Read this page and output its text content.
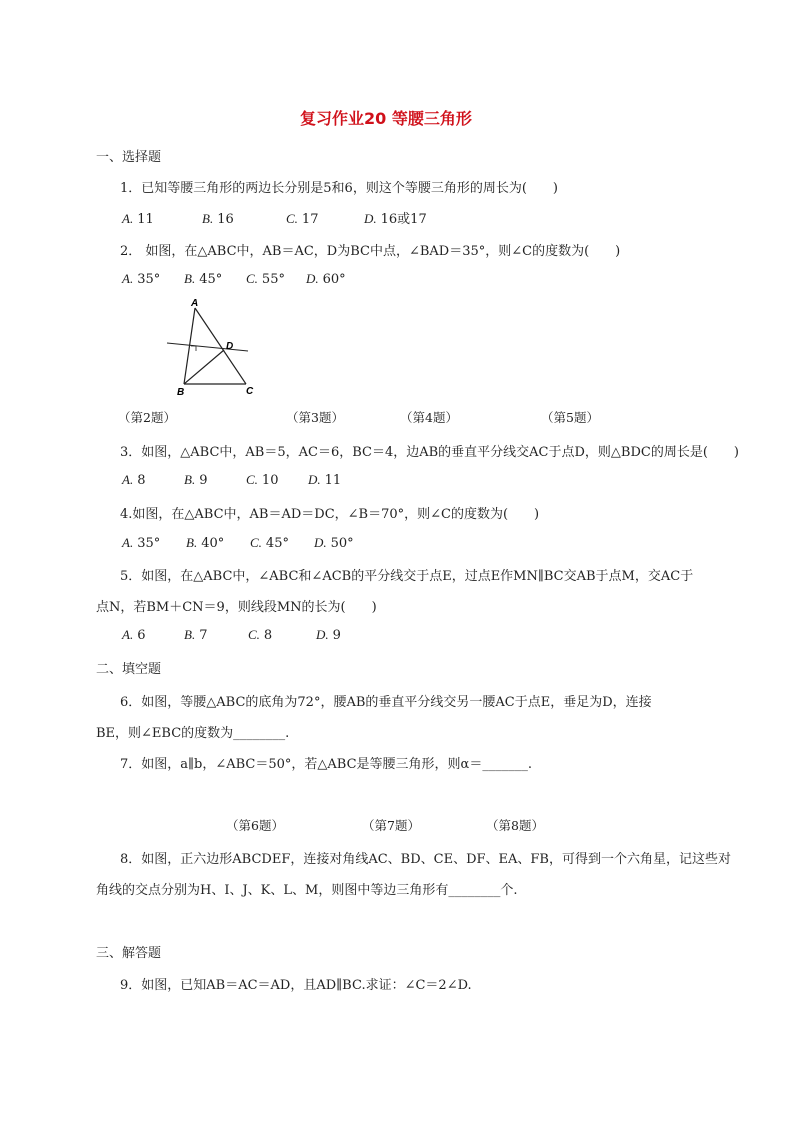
复习作业20 等腰三角形
一、选择题
1．已知等腰三角形的两边长分别是5和6，则这个等腰三角形的周长为(　　)
A. 11	B. 16	C. 17	D. 16或17
2． 如图，在△ABC中，AB＝AC，D为BC中点，∠BAD＝35°，则∠C的度数为(　　)
A. 35° B. 45° C. 55° D. 60°
A
B	C
D
（第2题）	（第3题）	（第4题）	（第5题）
3．如图，△ABC中，AB＝5，AC＝6，BC＝4，边AB的垂直平分线交AC于点D，则△BDC的周长是(　　)
A. 8	B. 9	C. 10 D. 11
4.如图，在△ABC中，AB＝AD＝DC，∠B＝70°，则∠C的度数为(　　)
A. 35° B. 40° C. 45° D. 50°
5．如图，在△ABC中，∠ABC和∠ACB的平分线交于点E，过点E作MN∥BC交AB于点M，交AC于
点N，若BM＋CN＝9，则线段MN的长为(　　)
A. 6	B. 7	C. 8	D. 9
二、填空题
6．如图，等腰△ABC的底角为72°，腰AB的垂直平分线交另一腰AC于点E，垂足为D，连接
BE，则∠EBC的度数为________.
7．如图，a∥b，∠ABC＝50°，若△ABC是等腰三角形，则α＝_______.
（第6题）	（第7题）	（第8题）
8．如图，正六边形ABCDEF，连接对角线AC、BD、CE、DF、EA、FB，可得到一个六角星，记这些对
角线的交点分别为H、I、J、K、L、M，则图中等边三角形有________个.
三、解答题
9．如图，已知AB＝AC＝AD，且AD∥BC.求证：∠C＝2∠D.
